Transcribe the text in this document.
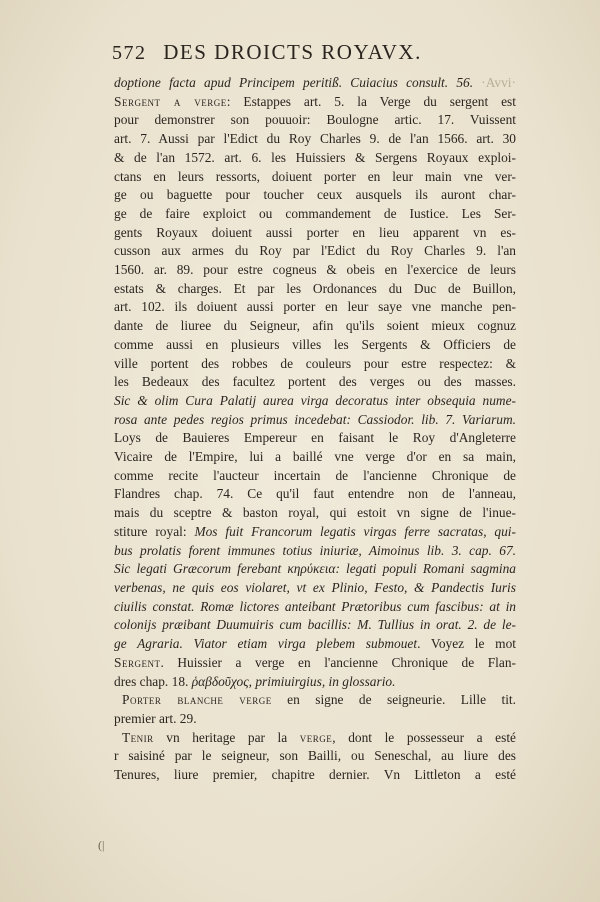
572 DES DROICTS ROYAVX.
doptione facta apud Principem peritiß. Cuiacius consult. 56. ·Avvi·
Sergent a verge: Estappes art. 5. la Verge du sergent est
pour demonstrer son pouuoir: Boulogne artic. 17. Vuissent
art. 7. Aussi par l'Edict du Roy Charles 9. de l'an 1566. art. 30
& de l'an 1572. art. 6. les Huissiers & Sergens Royaux exploi-
ctans en leurs ressorts, doiuent porter en leur main vne ver-
ge ou baguette pour toucher ceux ausquels ils auront char-
ge de faire exploict ou commandement de Iustice. Les Ser-
gents Royaux doiuent aussi porter en lieu apparent vn es-
cusson aux armes du Roy par l'Edict du Roy Charles 9. l'an
1560. ar. 89. pour estre cogneus & obeis en l'exercice de leurs
estats & charges. Et par les Ordonances du Duc de Buillon,
art. 102. ils doiuent aussi porter en leur saye vne manche pen-
dante de liuree du Seigneur, afin qu'ils soient mieux cognuz
comme aussi en plusieurs villes les Sergents & Officiers de
ville portent des robbes de couleurs pour estre respectez: &
les Bedeaux des facultez portent des verges ou des masses.
Sic & olim Cura Palatij aurea virga decoratus inter obsequia nume-
rosa ante pedes regios primus incedebat: Cassiodor. lib. 7. Variarum.
Loys de Bauieres Empereur en faisant le Roy d'Angleterre
Vicaire de l'Empire, lui a baillé vne verge d'or en sa main,
comme recite l'aucteur incertain de l'ancienne Chronique de
Flandres chap. 74. Ce qu'il faut entendre non de l'anneau,
mais du sceptre & baston royal, qui estoit vn signe de l'inue-
stiture royal: Mos fuit Francorum legatis virgas ferre sacratas, qui-
bus prolatis forent immunes totius iniuriæ, Aimoinus lib. 3. cap. 67.
Sic legati Græcorum ferebant κηρύκεια: legati populi Romani sagmina
verbenas, ne quis eos violaret, vt ex Plinio, Festo, & Pandectis Iuris
ciuilis constat. Romæ lictores anteibant Prætoribus cum fascibus: at in
colonijs præibant Duumuiris cum bacillis: M. Tullius in orat. 2. de le-
ge Agraria. Viator etiam virga plebem submouet. Voyez le mot
Sergent. Huissier a verge en l'ancienne Chronique de Flan-
dres chap. 18. ῥαβδοῦχος, primiuirgius, in glossario.
Porter blanche verge en signe de seigneurie. Lille tit.
premier art. 29.
Tenir vn heritage par la verge, dont le possesseur a esté
r saisiné par le seigneur, son Bailli, ou Seneschal, au liure des
Tenures, liure premier, chapitre dernier. Vn Littleton a esté
(|
